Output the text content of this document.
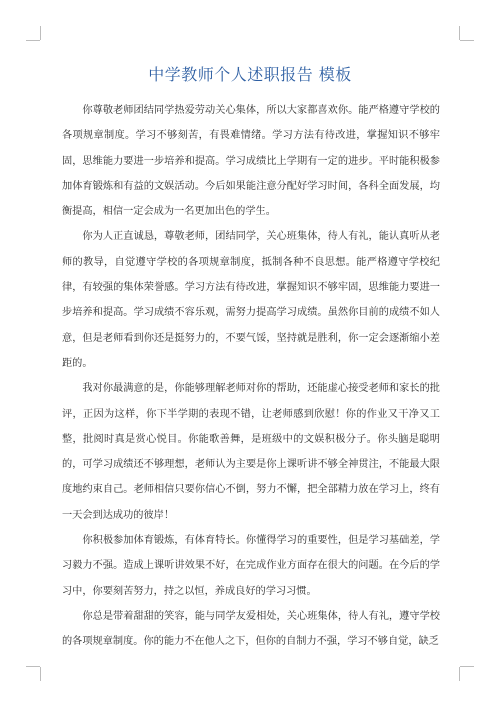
中学教师个人述职报告 模板

你尊敬老师团结同学热爱劳动关心集体，所以大家都喜欢你。能严格遵守学校的各项规章制度。学习不够刻苦，有畏难情绪。学习方法有待改进，掌握知识不够牢固，思维能力要进一步培养和提高。学习成绩比上学期有一定的进步。平时能积极参加体育锻炼和有益的文娱活动。今后如果能注意分配好学习时间，各科全面发展，均衡提高，相信一定会成为一名更加出色的学生。

你为人正直诚恳，尊敬老师，团结同学，关心班集体，待人有礼，能认真听从老师的教导，自觉遵守学校的各项规章制度，抵制各种不良思想。能严格遵守学校纪律，有较强的集体荣誉感。学习方法有待改进，掌握知识不够牢固，思维能力要进一步培养和提高。学习成绩不容乐观，需努力提高学习成绩。虽然你目前的成绩不如人意，但是老师看到你还是挺努力的，不要气馁，坚持就是胜利，你一定会逐渐缩小差距的。

我对你最满意的是，你能够理解老师对你的帮助，还能虚心接受老师和家长的批评，正因为这样，你下半学期的表现不错，让老师感到欣慰！你的作业又干净又工整，批阅时真是赏心悦目。你能歌善舞，是班级中的文娱积极分子。你头脑是聪明的，可学习成绩还不够理想，老师认为主要是你上课听讲不够全神贯注，不能最大限度地约束自己。老师相信只要你信心不倒，努力不懈，把全部精力放在学习上，终有一天会到达成功的彼岸！

你积极参加体育锻炼，有体育特长。你懂得学习的重要性，但是学习基础差，学习毅力不强。造成上课听讲效果不好，在完成作业方面存在很大的问题。在今后的学习中，你要刻苦努力，持之以恒，养成良好的学习习惯。

你总是带着甜甜的笑容，能与同学友爱相处，关心班集体，待人有礼，遵守学校的各项规章制度。你的能力不在他人之下，但你的自制力不强，学习不够自觉，缺乏
